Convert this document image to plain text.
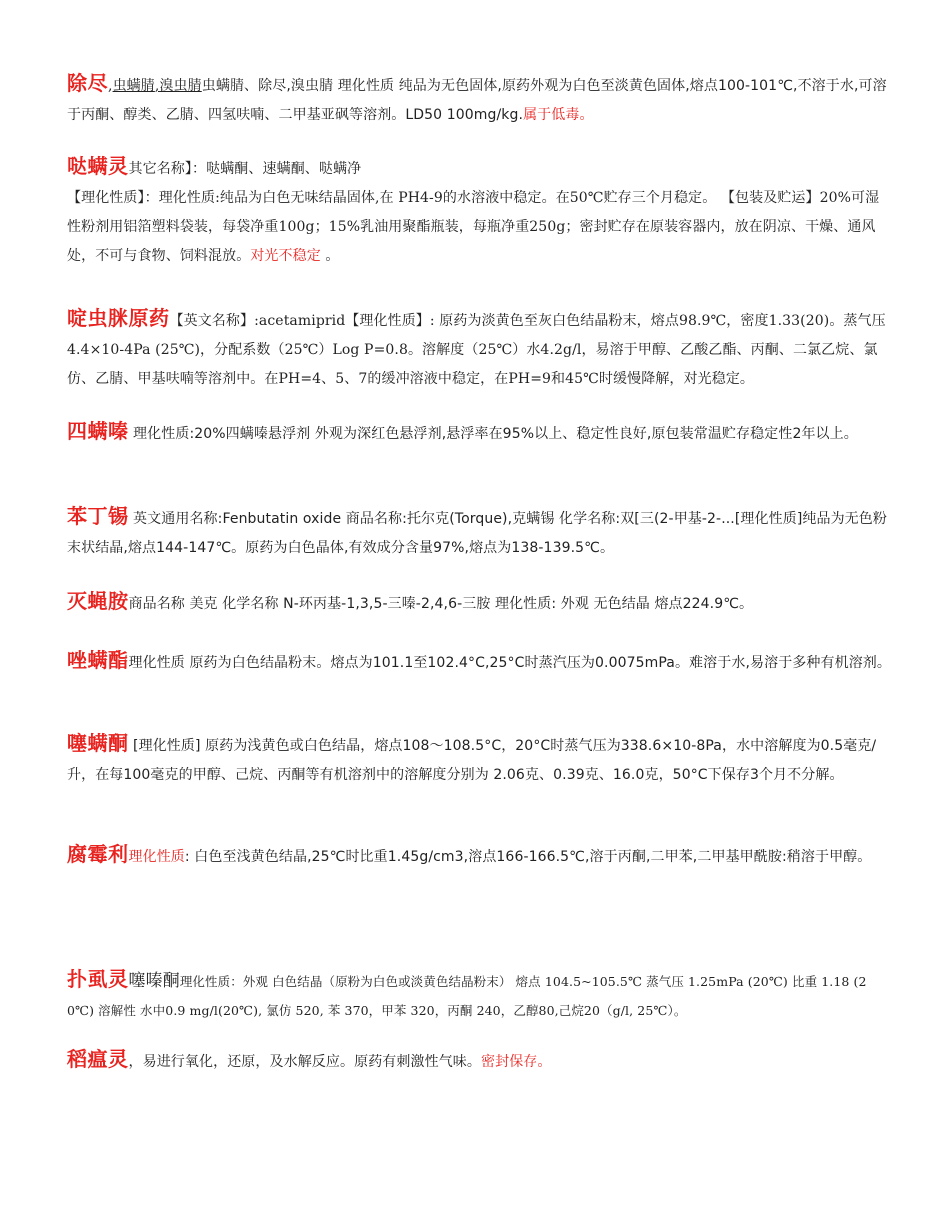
除尽,虫螨腈,溴虫腈虫螨腈、除尽,溴虫腈 理化性质 纯品为无色固体,原药外观为白色至淡黄色固体,熔点100-101℃,不溶于水,可溶于丙酮、醇类、乙腈、四氢呋喃、二甲基亚砜等溶剂。LD50 100mg/kg.属于低毒。
哒螨灵其它名称】：哒螨酮、速螨酮、哒螨净
【理化性质】：理化性质:纯品为白色无味结晶固体,在 PH4-9的水溶液中稳定。在50℃贮存三个月稳定。 【包装及贮运】20%可湿性粉剂用铝箔塑料袋装，每袋净重100g；15%乳油用聚酯瓶装，每瓶净重250g；密封贮存在原装容器内，放在阴凉、干燥、通风处，不可与食物、饲料混放。对光不稳定 。
啶虫脒原药【英文名称】:acetamiprid【理化性质】: 原药为淡黄色至灰白色结晶粉末，熔点98.9℃，密度1.33(20)。蒸气压4.4×10-4Pa (25℃)，分配系数（25℃）Log P=0.8。溶解度（25℃）水4.2g/l，易溶于甲醇、乙酸乙酯、丙酮、二氯乙烷、氯仿、乙腈、甲基呋喃等溶剂中。在PH=4、5、7的缓冲溶液中稳定，在PH=9和45℃时缓慢降解，对光稳定。
四螨嗪 理化性质:20%四螨嗪悬浮剂 外观为深红色悬浮剂,悬浮率在95%以上、稳定性良好,原包装常温贮存稳定性2年以上。
苯丁锡 英文通用名称:Fenbutatin oxide 商品名称:托尔克(Torque),克螨锡 化学名称:双[三(2-甲基-2-...[理化性质]纯品为无色粉末状结晶,熔点144-147℃。原药为白色晶体,有效成分含量97%,熔点为138-139.5℃。
灭蝇胺商品名称 美克 化学名称 N-环丙基-1,3,5-三嗪-2,4,6-三胺 理化性质: 外观 无色结晶 熔点224.9℃。
唑螨酯理化性质 原药为白色结晶粉末。熔点为101.1至102.4°C,25°C时蒸汽压为0.0075mPa。难溶于水,易溶于多种有机溶剂。
噻螨酮 [理化性质] 原药为浅黄色或白色结晶，熔点108～108.5°C，20°C时蒸气压为338.6×10-8Pa，水中溶解度为0.5毫克/升，在每100毫克的甲醇、己烷、丙酮等有机溶剂中的溶解度分别为 2.06克、0.39克、16.0克，50°C下保存3个月不分解。
腐霉利理化性质: 白色至浅黄色结晶,25℃时比重1.45g/cm3,溶点166-166.5℃,溶于丙酮,二甲苯,二甲基甲酰胺:稍溶于甲醇。
扑虱灵噻嗪酮理化性质：外观 白色结晶（原粉为白色或淡黄色结晶粉末） 熔点 104.5~105.5℃ 蒸气压 1.25mPa (20℃) 比重 1.18 (20℃) 溶解性 水中0.9 mg/l(20℃), 氯仿 520, 苯 370，甲苯 320，丙酮 240，乙醇80,己烷20（g/l, 25℃）。
稻瘟灵，易进行氧化，还原，及水解反应。原药有刺激性气味。密封保存。
